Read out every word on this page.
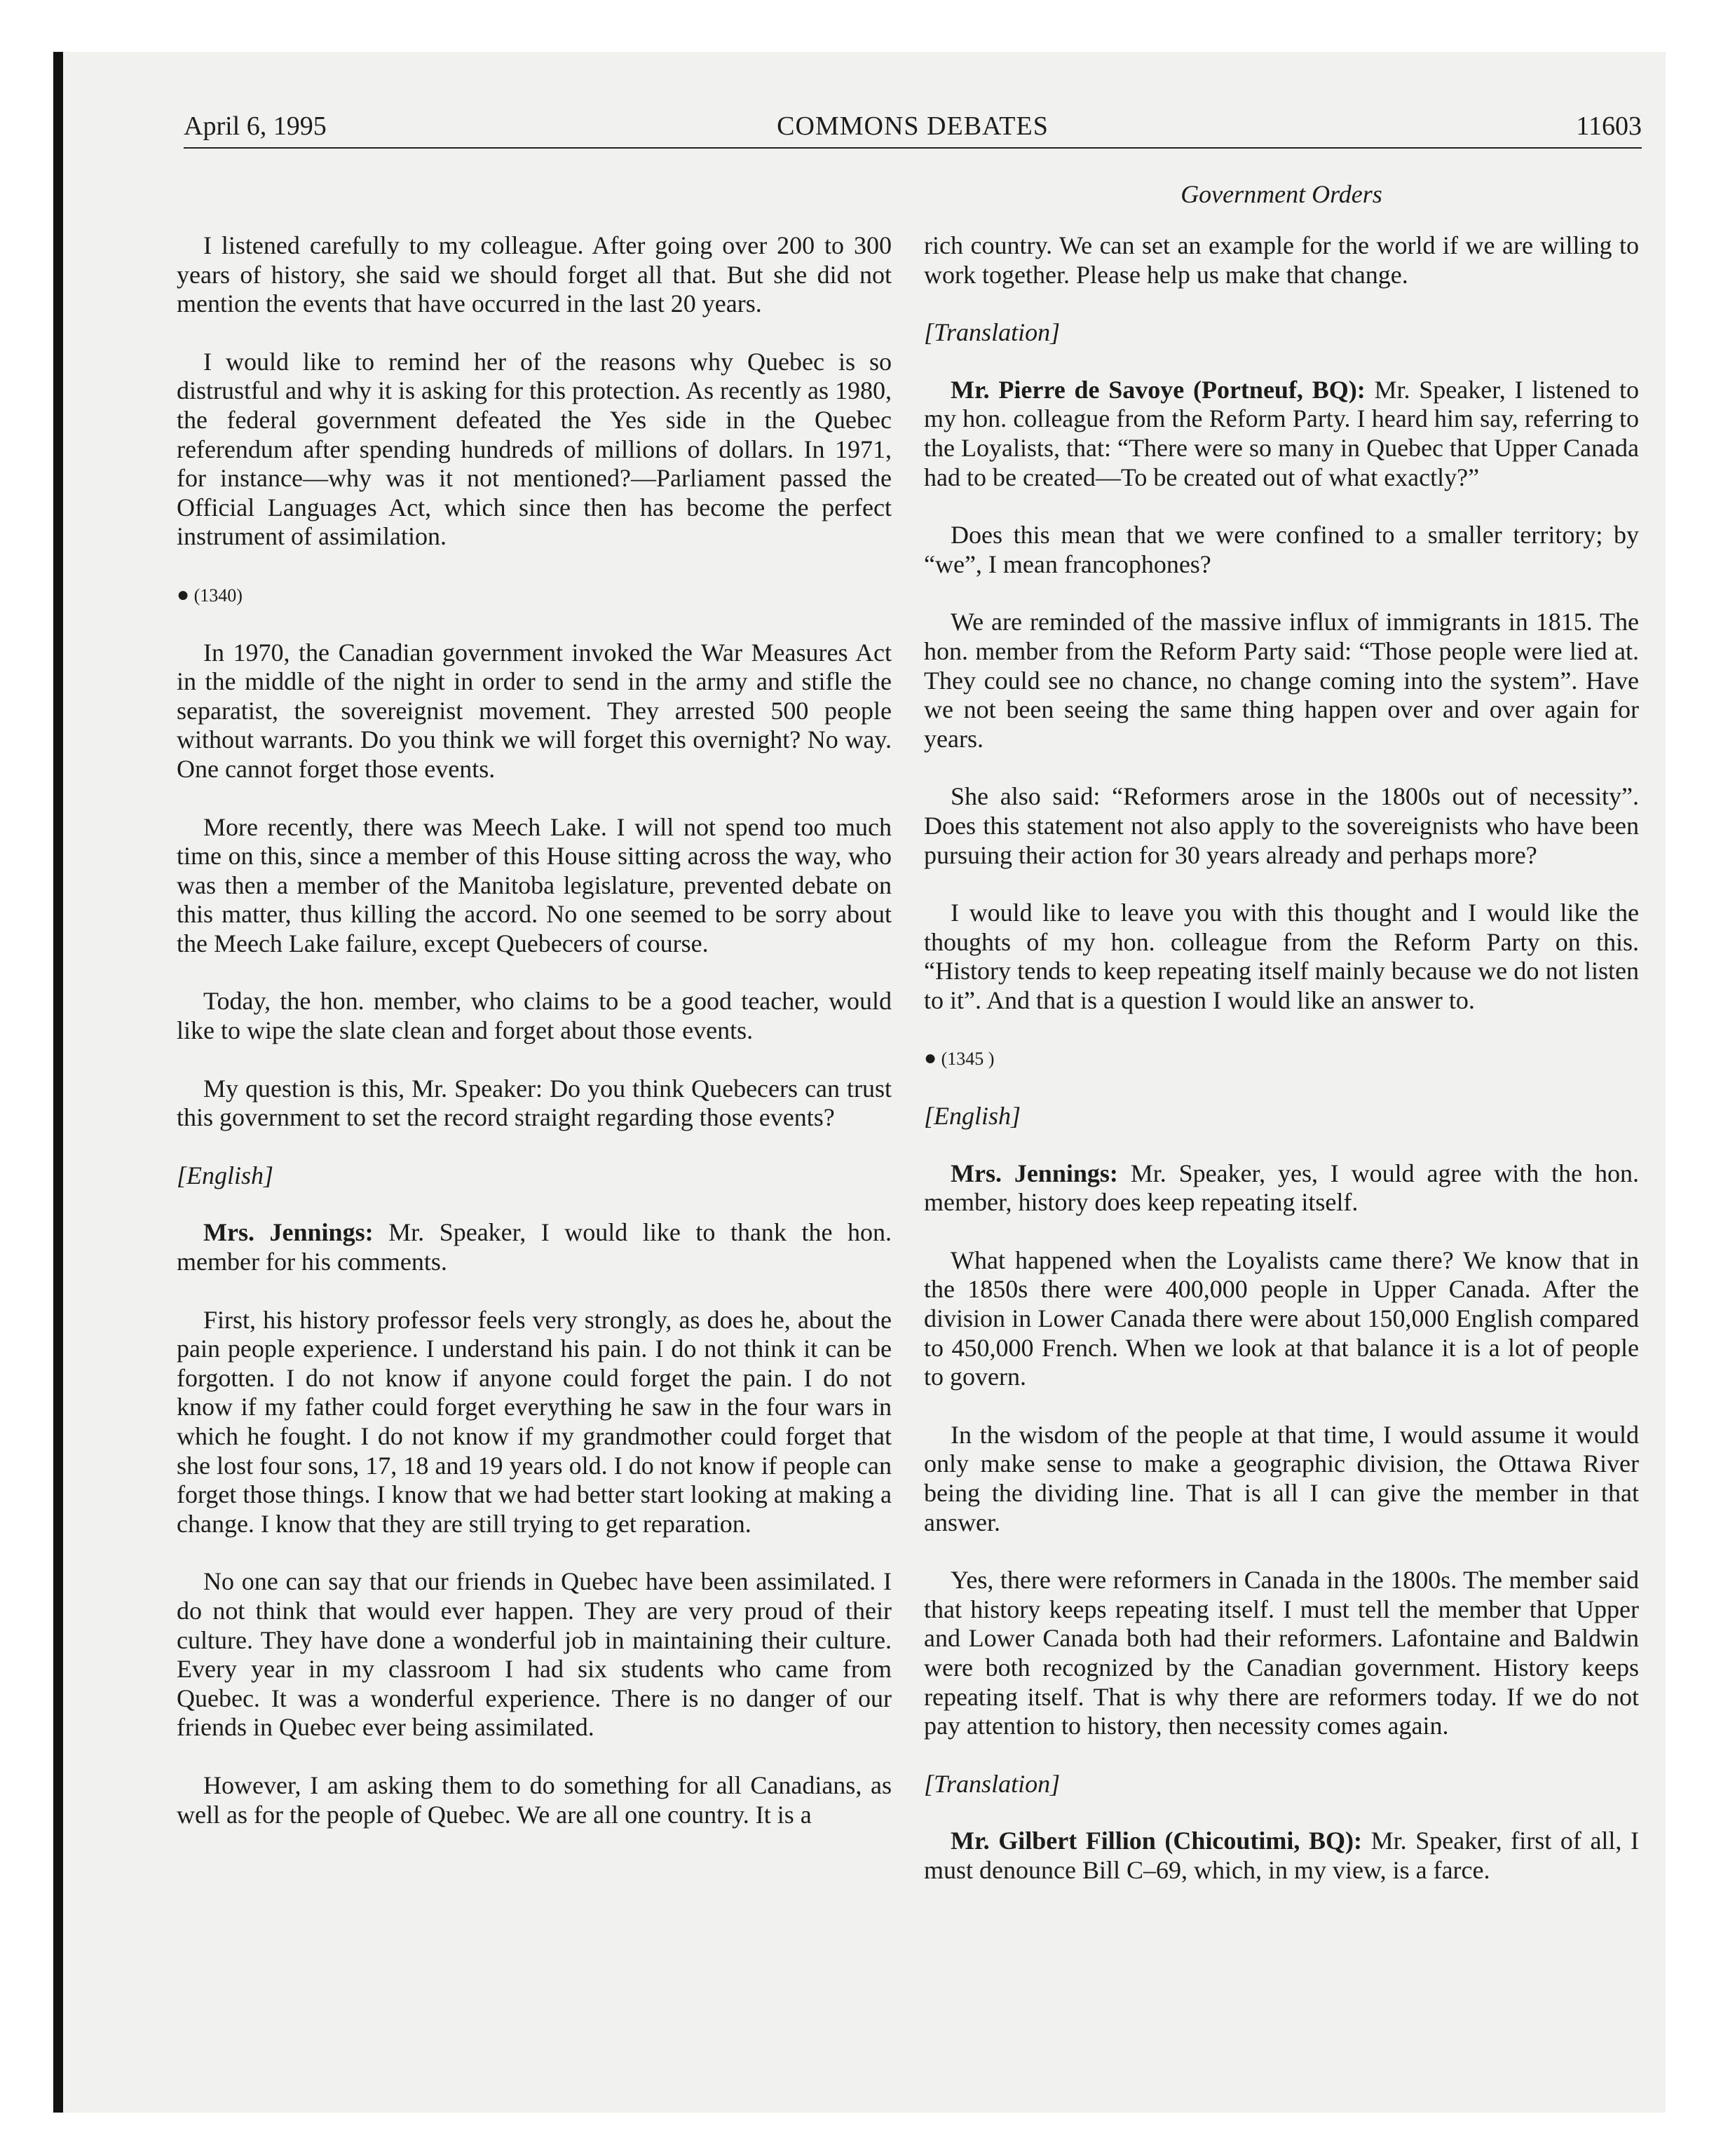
April 6, 1995	COMMONS DEBATES	11603
Government Orders

I listened carefully to my colleague. After going over 200 to 300 years of history, she said we should forget all that. But she did not mention the events that have occurred in the last 20 years.

I would like to remind her of the reasons why Quebec is so distrustful and why it is asking for this protection. As recently as 1980, the federal government defeated the Yes side in the Quebec referendum after spending hundreds of millions of dollars. In 1971, for instance—why was it not mentioned?—Parliament passed the Official Languages Act, which since then has become the perfect instrument of assimilation.

● (1340)

In 1970, the Canadian government invoked the War Measures Act in the middle of the night in order to send in the army and stifle the separatist, the sovereignist movement. They arrested 500 people without warrants. Do you think we will forget this overnight? No way. One cannot forget those events.

More recently, there was Meech Lake. I will not spend too much time on this, since a member of this House sitting across the way, who was then a member of the Manitoba legislature, prevented debate on this matter, thus killing the accord. No one seemed to be sorry about the Meech Lake failure, except Quebecers of course.

Today, the hon. member, who claims to be a good teacher, would like to wipe the slate clean and forget about those events.

My question is this, Mr. Speaker: Do you think Quebecers can trust this government to set the record straight regarding those events?

[English]

Mrs. Jennings: Mr. Speaker, I would like to thank the hon. member for his comments.

First, his history professor feels very strongly, as does he, about the pain people experience. I understand his pain. I do not think it can be forgotten. I do not know if anyone could forget the pain. I do not know if my father could forget everything he saw in the four wars in which he fought. I do not know if my grandmother could forget that she lost four sons, 17, 18 and 19 years old. I do not know if people can forget those things. I know that we had better start looking at making a change. I know that they are still trying to get reparation.

No one can say that our friends in Quebec have been assimilated. I do not think that would ever happen. They are very proud of their culture. They have done a wonderful job in maintaining their culture. Every year in my classroom I had six students who came from Quebec. It was a wonderful experience. There is no danger of our friends in Quebec ever being assimilated.

However, I am asking them to do something for all Canadians, as well as for the people of Quebec. We are all one country. It is a

rich country. We can set an example for the world if we are willing to work together. Please help us make that change.

[Translation]

Mr. Pierre de Savoye (Portneuf, BQ): Mr. Speaker, I listened to my hon. colleague from the Reform Party. I heard him say, referring to the Loyalists, that: “There were so many in Quebec that Upper Canada had to be created—To be created out of what exactly?”

Does this mean that we were confined to a smaller territory; by “we”, I mean francophones?

We are reminded of the massive influx of immigrants in 1815. The hon. member from the Reform Party said: “Those people were lied at. They could see no chance, no change coming into the system”. Have we not been seeing the same thing happen over and over again for years.

She also said: “Reformers arose in the 1800s out of necessity”. Does this statement not also apply to the sovereignists who have been pursuing their action for 30 years already and perhaps more?

I would like to leave you with this thought and I would like the thoughts of my hon. colleague from the Reform Party on this. “History tends to keep repeating itself mainly because we do not listen to it”. And that is a question I would like an answer to.

● (1345 )
[English]

Mrs. Jennings: Mr. Speaker, yes, I would agree with the hon. member, history does keep repeating itself.

What happened when the Loyalists came there? We know that in the 1850s there were 400,000 people in Upper Canada. After the division in Lower Canada there were about 150,000 English compared to 450,000 French. When we look at that balance it is a lot of people to govern.

In the wisdom of the people at that time, I would assume it would only make sense to make a geographic division, the Ottawa River being the dividing line. That is all I can give the member in that answer.

Yes, there were reformers in Canada in the 1800s. The member said that history keeps repeating itself. I must tell the member that Upper and Lower Canada both had their reformers. Lafontaine and Baldwin were both recognized by the Canadian government. History keeps repeating itself. That is why there are reformers today. If we do not pay attention to history, then necessity comes again.

[Translation]

Mr. Gilbert Fillion (Chicoutimi, BQ): Mr. Speaker, first of all, I must denounce Bill C–69, which, in my view, is a farce.
